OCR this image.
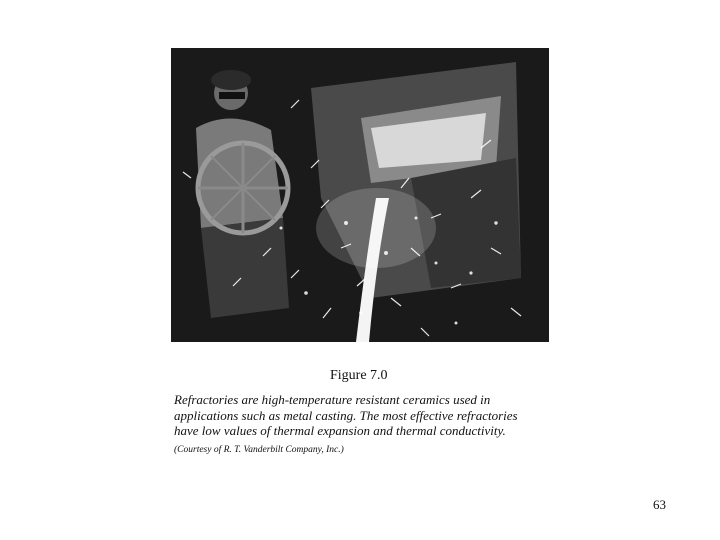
Figure 7.0
Refractories are high-temperature resistant ceramics used in
applications such as metal casting. The most effective refractories
have low values of thermal expansion and thermal conductivity.
(Courtesy of R. T. Vanderbilt Company, Inc.)
63
